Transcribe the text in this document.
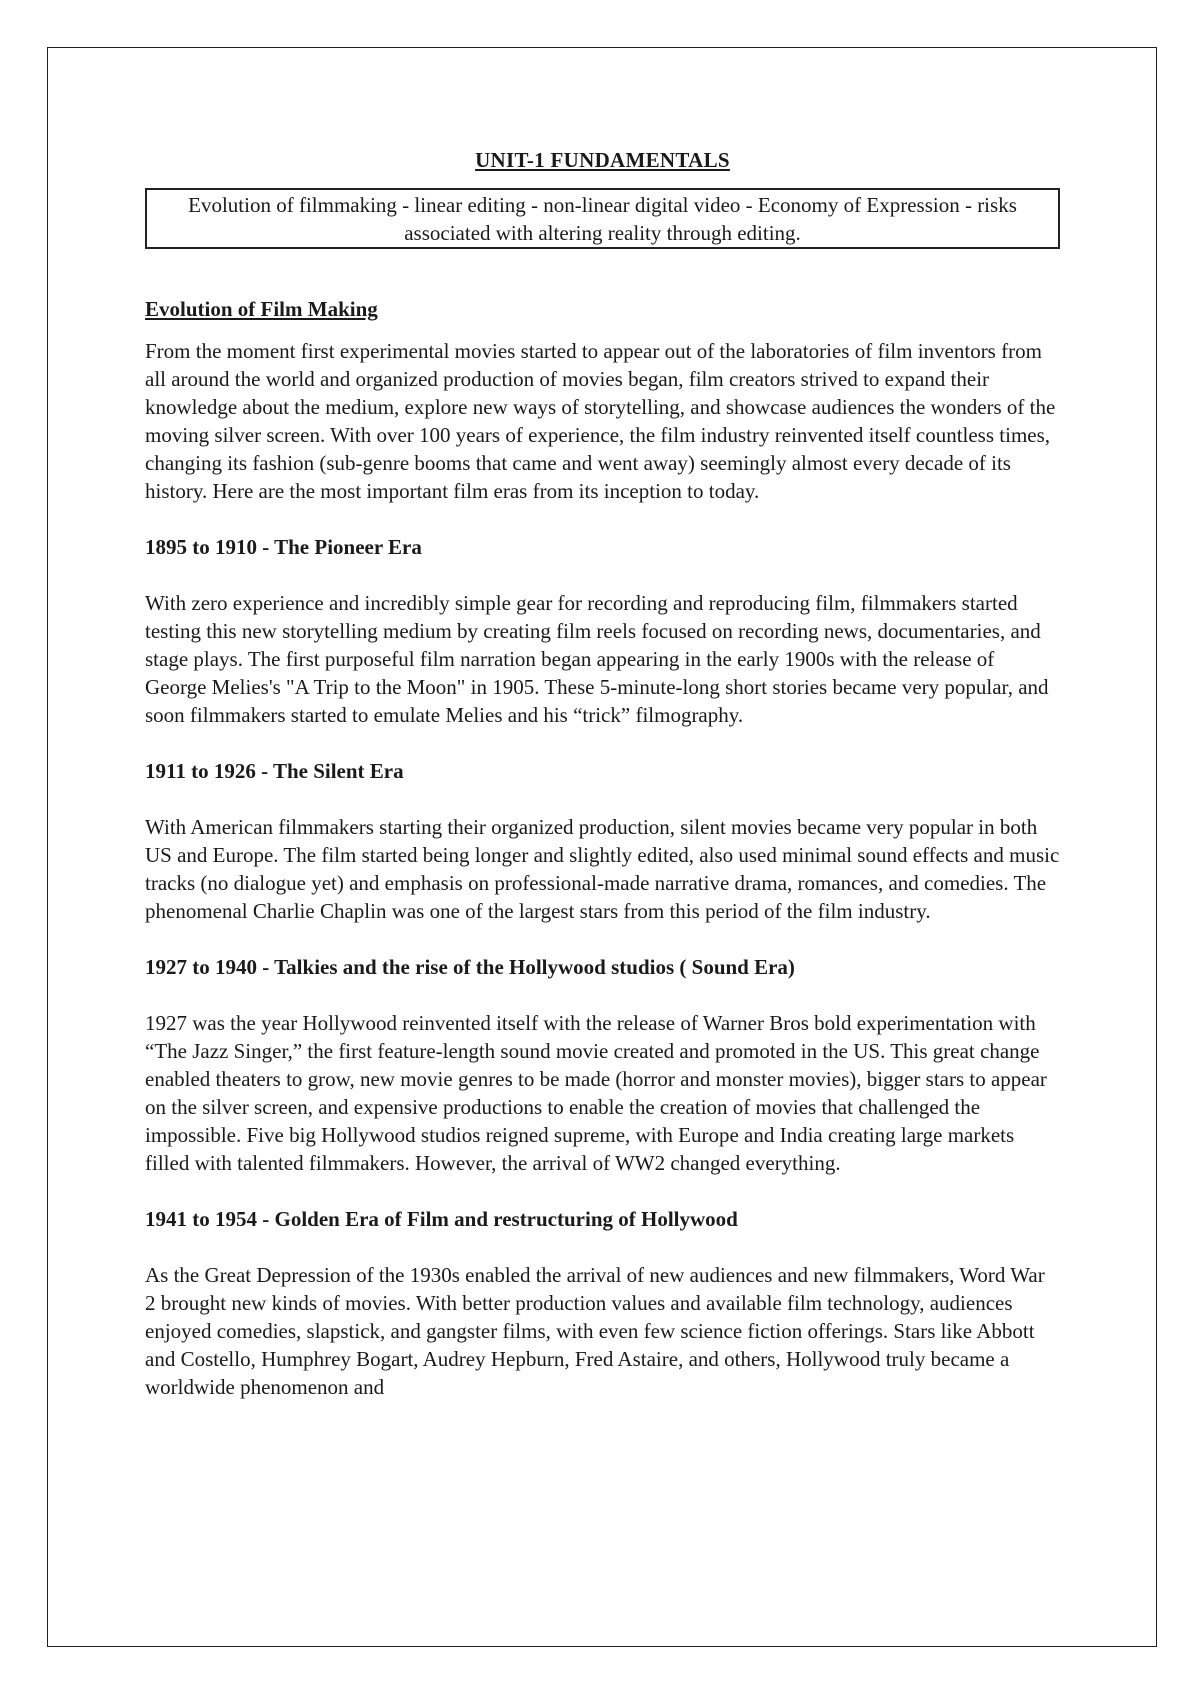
UNIT-1 FUNDAMENTALS
Evolution of filmmaking - linear editing - non-linear digital video - Economy of Expression - risks associated with altering reality through editing.
Evolution of Film Making

From the moment first experimental movies started to appear out of the laboratories of film inventors from all around the world and organized production of movies began, film creators strived to expand their knowledge about the medium, explore new ways of storytelling, and showcase audiences the wonders of the moving silver screen. With over 100 years of experience, the film industry reinvented itself countless times, changing its fashion (sub-genre booms that came and went away) seemingly almost every decade of its history. Here are the most important film eras from its inception to today.

1895 to 1910 - The Pioneer Era

With zero experience and incredibly simple gear for recording and reproducing film, filmmakers started testing this new storytelling medium by creating film reels focused on recording news, documentaries, and stage plays. The first purposeful film narration began appearing in the early 1900s with the release of George Melies's "A Trip to the Moon" in 1905. These 5-minute-long short stories became very popular, and soon filmmakers started to emulate Melies and his “trick” filmography.

1911 to 1926 - The Silent Era

With American filmmakers starting their organized production, silent movies became very popular in both US and Europe. The film started being longer and slightly edited, also used minimal sound effects and music tracks (no dialogue yet) and emphasis on professional-made narrative drama, romances, and comedies. The phenomenal Charlie Chaplin was one of the largest stars from this period of the film industry.

1927 to 1940 - Talkies and the rise of the Hollywood studios ( Sound Era)

1927 was the year Hollywood reinvented itself with the release of Warner Bros bold experimentation with “The Jazz Singer,” the first feature-length sound movie created and promoted in the US. This great change enabled theaters to grow, new movie genres to be made (horror and monster movies), bigger stars to appear on the silver screen, and expensive productions to enable the creation of movies that challenged the impossible. Five big Hollywood studios reigned supreme, with Europe and India creating large markets filled with talented filmmakers. However, the arrival of WW2 changed everything.

1941 to 1954 - Golden Era of Film and restructuring of Hollywood

As the Great Depression of the 1930s enabled the arrival of new audiences and new filmmakers, Word War 2 brought new kinds of movies. With better production values and available film technology, audiences enjoyed comedies, slapstick, and gangster films, with even few science fiction offerings. Stars like Abbott and Costello, Humphrey Bogart, Audrey Hepburn, Fred Astaire, and others, Hollywood truly became a worldwide phenomenon and
